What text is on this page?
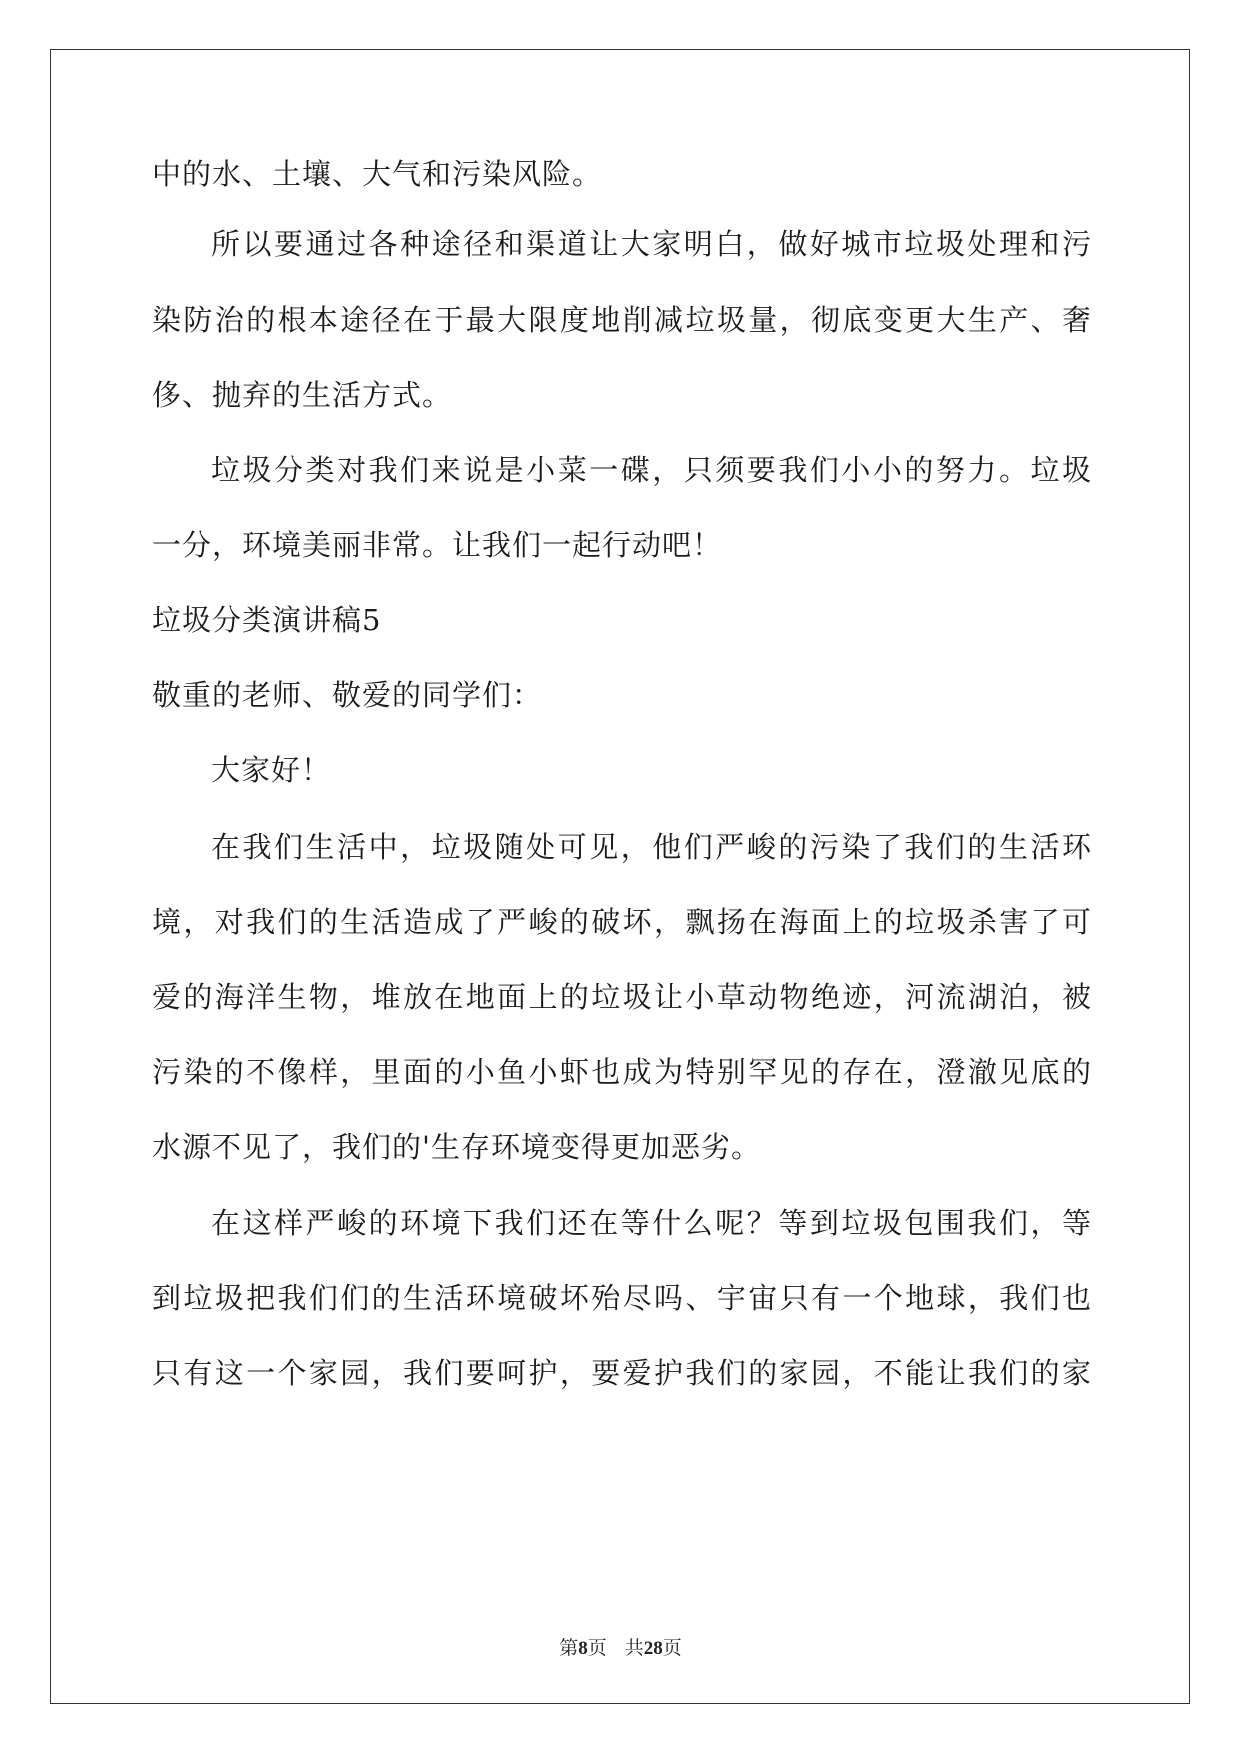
中的水、土壤、大气和污染风险。
所以要通过各种途径和渠道让大家明白，做好城市垃圾处理和污
染防治的根本途径在于最大限度地削减垃圾量，彻底变更大生产、奢
侈、抛弃的生活方式。
垃圾分类对我们来说是小菜一碟，只须要我们小小的努力。垃圾
一分，环境美丽非常。让我们一起行动吧！
垃圾分类演讲稿5
敬重的老师、敬爱的同学们：
大家好！
在我们生活中，垃圾随处可见，他们严峻的污染了我们的生活环
境，对我们的生活造成了严峻的破坏，飘扬在海面上的垃圾杀害了可
爱的海洋生物，堆放在地面上的垃圾让小草动物绝迹，河流湖泊，被
污染的不像样，里面的小鱼小虾也成为特别罕见的存在，澄澈见底的
水源不见了，我们的'生存环境变得更加恶劣。
在这样严峻的环境下我们还在等什么呢？等到垃圾包围我们，等
到垃圾把我们们的生活环境破坏殆尽吗、宇宙只有一个地球，我们也
只有这一个家园，我们要呵护，要爱护我们的家园，不能让我们的家
第8页 共28页
